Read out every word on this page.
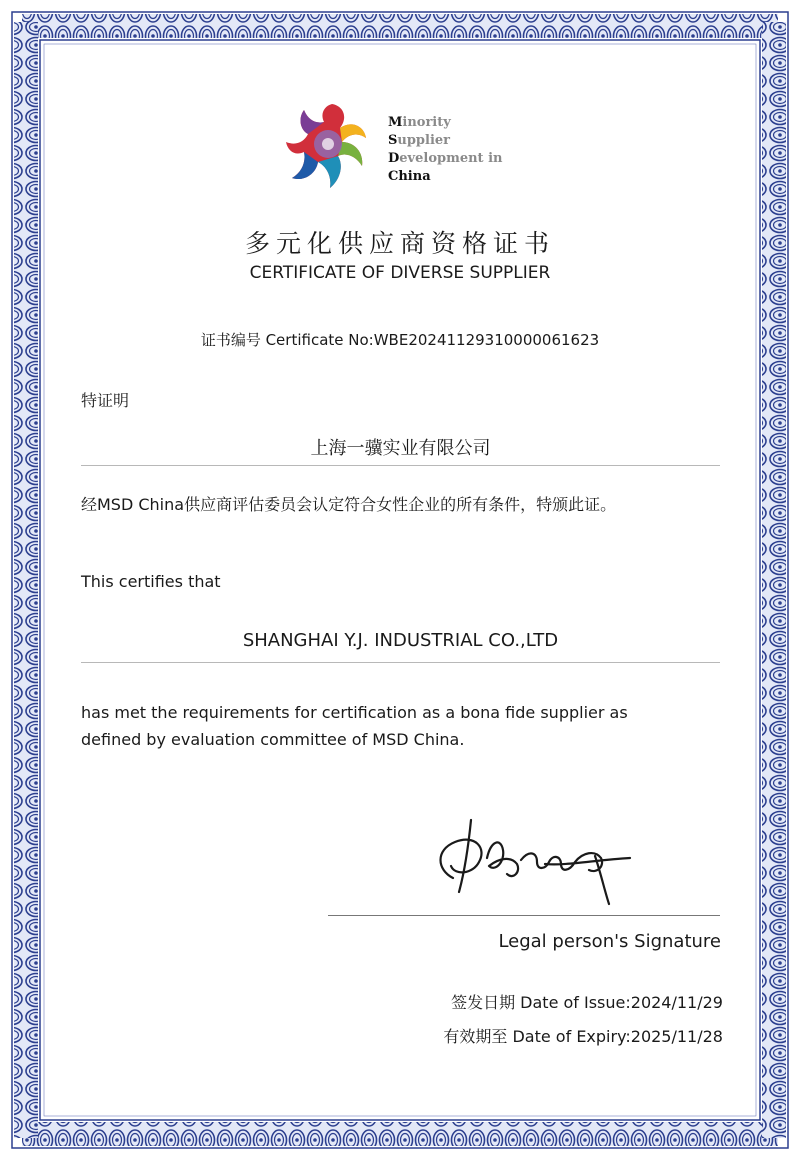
Minority
Supplier
Development in
China
多元化供应商资格证书
CERTIFICATE OF DIVERSE SUPPLIER
证书编号 Certificate No:WBE20241129310000061623
特证明
上海一骥实业有限公司
经MSD China供应商评估委员会认定符合女性企业的所有条件，特颁此证。
This certifies that
SHANGHAI Y.J. INDUSTRIAL CO.,LTD
has met the requirements for certification as a bona fide supplier as
defined by evaluation committee of MSD China.
Legal person's Signature
签发日期 Date of Issue:2024/11/29
有效期至 Date of Expiry:2025/11/28
